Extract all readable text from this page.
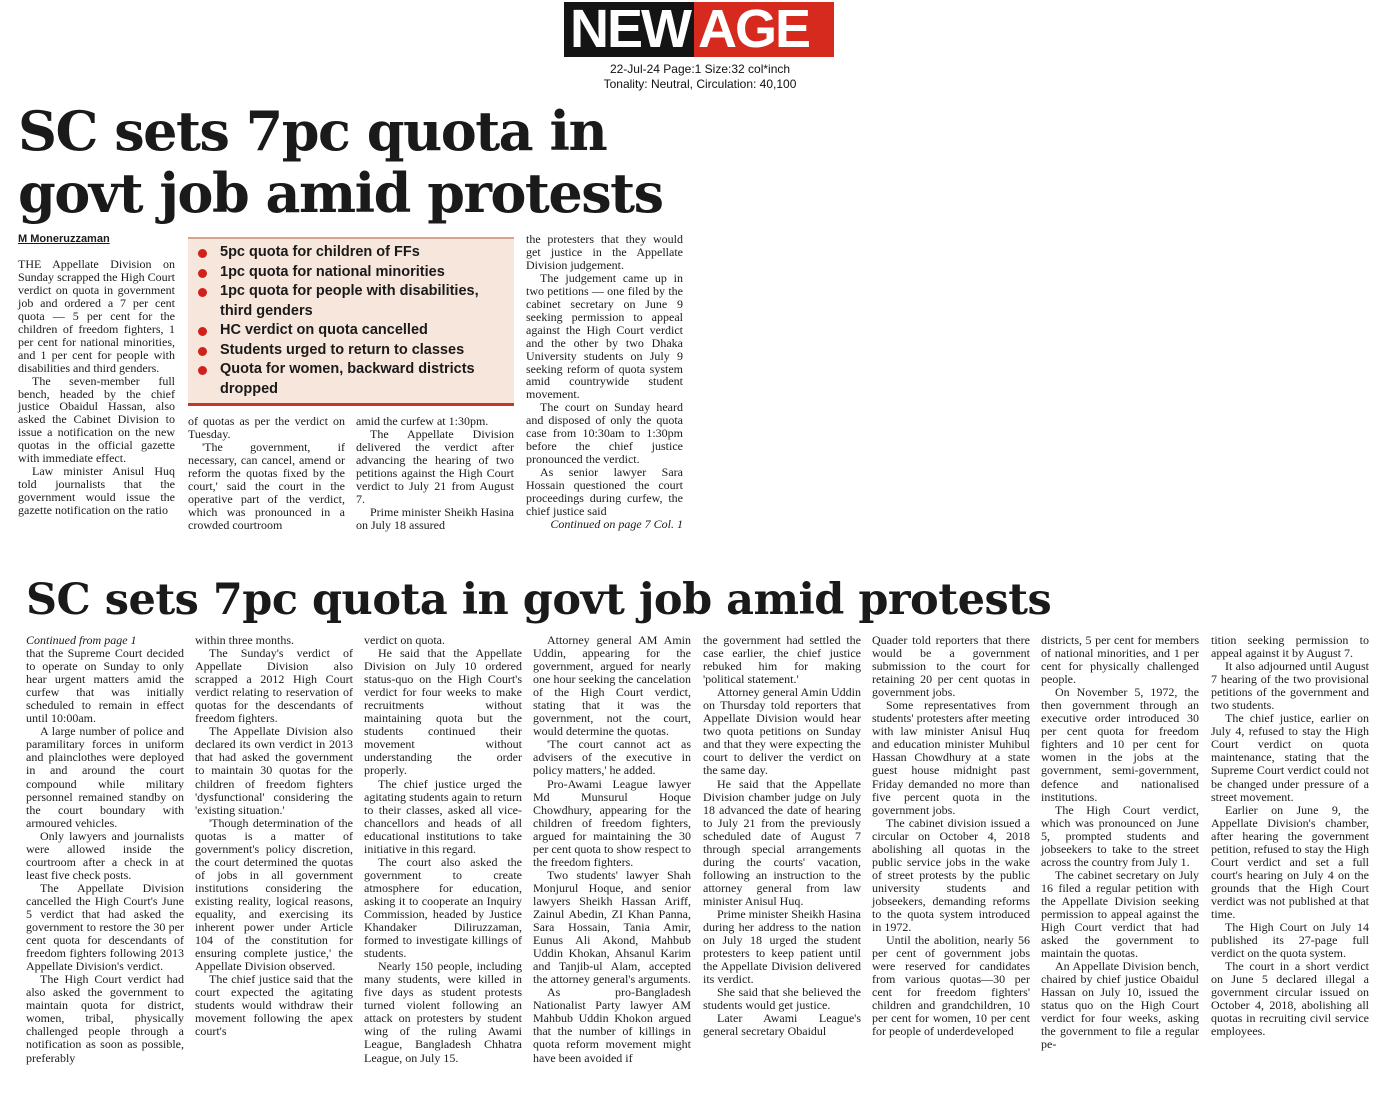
NEW AGE
22-Jul-24 Page:1 Size:32 col*inch
Tonality: Neutral, Circulation: 40,100
SC sets 7pc quota in govt job amid protests
M Moneruzzaman

THE Appellate Division on Sunday scrapped the High Court verdict on quota in government job and ordered a 7 per cent quota — 5 per cent for the children of freedom fighters, 1 per cent for national minorities, and 1 per cent for people with disabilities and third genders.

The seven-member full bench, headed by the chief justice Obaidul Hassan, also asked the Cabinet Division to issue a notification on the new quotas in the official gazette with immediate effect.

Law minister Anisul Huq told journalists that the government would issue the gazette notification on the ratio

5pc quota for children of FFs
1pc quota for national minorities
1pc quota for people with disabilities, third genders
HC verdict on quota cancelled
Students urged to return to classes
Quota for women, backward districts dropped

of quotas as per the verdict on Tuesday.

'The government, if necessary, can cancel, amend or reform the quotas fixed by the court,' said the court in the operative part of the verdict, which was pronounced in a crowded courtroom

amid the curfew at 1:30pm.

The Appellate Division delivered the verdict after advancing the hearing of two petitions against the High Court verdict to July 21 from August 7.

Prime minister Sheikh Hasina on July 18 assured

the protesters that they would get justice in the Appellate Division judgement.

The judgement came up in two petitions — one filed by the cabinet secretary on June 9 seeking permission to appeal against the High Court verdict and the other by two Dhaka University students on July 9 seeking reform of quota system amid countrywide student movement.

The court on Sunday heard and disposed of only the quota case from 10:30am to 1:30pm before the chief justice pronounced the verdict.

As senior lawyer Sara Hossain questioned the court proceedings during curfew, the chief justice said

Continued on page 7 Col. 1

SC sets 7pc quota in govt job amid protests

Continued from page 1

that the Supreme Court decided to operate on Sunday to only hear urgent matters amid the curfew that was initially scheduled to remain in effect until 10:00am.

A large number of police and paramilitary forces in uniform and plainclothes were deployed in and around the court compound while military personnel remained standby on the court boundary with armoured vehicles.

Only lawyers and journalists were allowed inside the courtroom after a check in at least five check posts.

The Appellate Division cancelled the High Court's June 5 verdict that had asked the government to restore the 30 per cent quota for descendants of freedom fighters following 2013 Appellate Division's verdict.

The High Court verdict had also asked the government to maintain quota for district, women, tribal, physically challenged people through a notification as soon as possible, preferably

within three months.

The Sunday's verdict of Appellate Division also scrapped a 2012 High Court verdict relating to reservation of quotas for the descendants of freedom fighters.

The Appellate Division also declared its own verdict in 2013 that had asked the government to maintain 30 quotas for the children of freedom fighters 'dysfunctional' considering the 'existing situation.'

'Though determination of the quotas is a matter of government's policy discretion, the court determined the quotas of jobs in all government institutions considering the existing reality, logical reasons, equality, and exercising its inherent power under Article 104 of the constitution for ensuring complete justice,' the Appellate Division observed.

The chief justice said that the court expected the agitating students would withdraw their movement following the apex court's

verdict on quota.

He said that the Appellate Division on July 10 ordered status-quo on the High Court's verdict for four weeks to make recruitments without maintaining quota but the students continued their movement without understanding the order properly.

The chief justice urged the agitating students again to return to their classes, asked all vice-chancellors and heads of all educational institutions to take initiative in this regard.

The court also asked the government to create atmosphere for education, asking it to cooperate an Inquiry Commission, headed by Justice Khandaker Diliruzzaman, formed to investigate killings of students.

Nearly 150 people, including many students, were killed in five days as student protests turned violent following an attack on protesters by student wing of the ruling Awami League, Bangladesh Chhatra League, on July 15.

Attorney general AM Amin Uddin, appearing for the government, argued for nearly one hour seeking the cancelation of the High Court verdict, stating that it was the government, not the court, would determine the quotas.

'The court cannot act as advisers of the executive in policy matters,' he added.

Pro-Awami League lawyer Md Munsurul Hoque Chowdhury, appearing for the children of freedom fighters, argued for maintaining the 30 per cent quota to show respect to the freedom fighters.

Two students' lawyer Shah Monjurul Hoque, and senior lawyers Sheikh Hassan Ariff, Zainul Abedin, ZI Khan Panna, Sara Hossain, Tania Amir, Eunus Ali Akond, Mahbub Uddin Khokan, Ahsanul Karim and Tanjib-ul Alam, accepted the attorney general's arguments.

As pro-Bangladesh Nationalist Party lawyer AM Mahbub Uddin Khokon argued that the number of killings in quota reform movement might have been avoided if

the government had settled the case earlier, the chief justice rebuked him for making 'political statement.'

Attorney general Amin Uddin on Thursday told reporters that Appellate Division would hear two quota petitions on Sunday and that they were expecting the court to deliver the verdict on the same day.

He said that the Appellate Division chamber judge on July 18 advanced the date of hearing to July 21 from the previously scheduled date of August 7 through special arrangements during the courts' vacation, following an instruction to the attorney general from law minister Anisul Huq.

Prime minister Sheikh Hasina during her address to the nation on July 18 urged the student protesters to keep patient until the Appellate Division delivered its verdict.

She said that she believed the students would get justice.

Later Awami League's general secretary Obaidul

Quader told reporters that there would be a government submission to the court for retaining 20 per cent quotas in government jobs.

Some representatives from students' protesters after meeting with law minister Anisul Huq and education minister Muhibul Hassan Chowdhury at a state guest house midnight past Friday demanded no more than five percent quota in the government jobs.

The cabinet division issued a circular on October 4, 2018 abolishing all quotas in the public service jobs in the wake of street protests by the public university students and jobseekers, demanding reforms to the quota system introduced in 1972.

Until the abolition, nearly 56 per cent of government jobs were reserved for candidates from various quotas—30 per cent for freedom fighters' children and grandchildren, 10 per cent for women, 10 per cent for people of underdeveloped

districts, 5 per cent for members of national minorities, and 1 per cent for physically challenged people.

On November 5, 1972, the then government through an executive order introduced 30 per cent quota for freedom fighters and 10 per cent for women in the jobs at the government, semi-government, defence and nationalised institutions.

The High Court verdict, which was pronounced on June 5, prompted students and jobseekers to take to the street across the country from July 1.

The cabinet secretary on July 16 filed a regular petition with the Appellate Division seeking permission to appeal against the High Court verdict that had asked the government to maintain the quotas.

An Appellate Division bench, chaired by chief justice Obaidul Hassan on July 10, issued the status quo on the High Court verdict for four weeks, asking the government to file a regular pe-

tition seeking permission to appeal against it by August 7.

It also adjourned until August 7 hearing of the two provisional petitions of the government and two students.

The chief justice, earlier on July 4, refused to stay the High Court verdict on quota maintenance, stating that the Supreme Court verdict could not be changed under pressure of a street movement.

Earlier on June 9, the Appellate Division's chamber, after hearing the government petition, refused to stay the High Court verdict and set a full court's hearing on July 4 on the grounds that the High Court verdict was not published at that time.

The High Court on July 14 published its 27-page full verdict on the quota system.

The court in a short verdict on June 5 declared illegal a government circular issued on October 4, 2018, abolishing all quotas in recruiting civil service employees.
